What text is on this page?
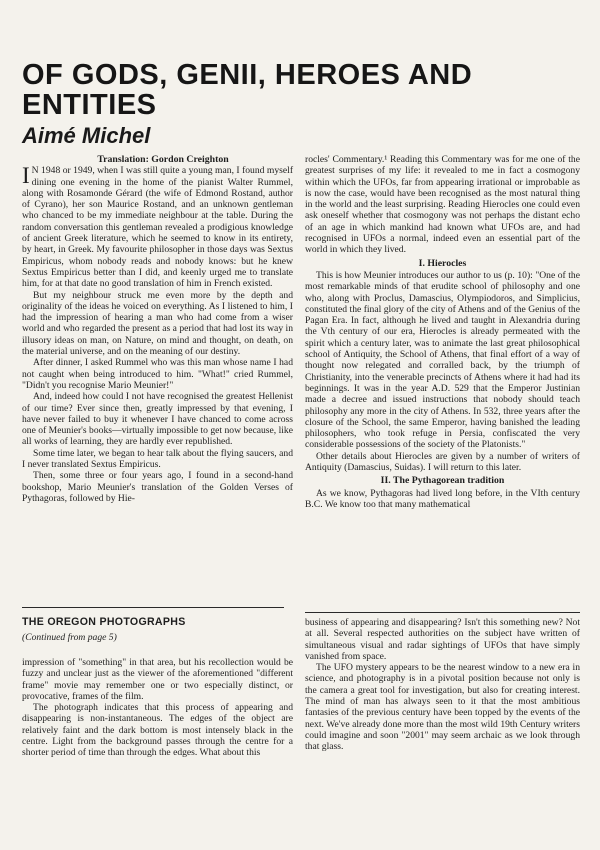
OF GODS, GENII, HEROES AND ENTITIES
Aimé Michel

Translation: Gordon Creighton

I N 1948 or 1949, when I was still quite a young man, I found myself dining one evening in the home of the pianist Walter Rummel, along with Rosamonde Gérard (the wife of Edmond Rostand, author of Cyrano), her son Maurice Rostand, and an unknown gentleman who chanced to be my immediate neighbour at the table. During the random conversation this gentleman revealed a prodigious knowledge of ancient Greek literature, which he seemed to know in its entirety, by heart, in Greek. My favourite philosopher in those days was Sextus Empiricus, whom nobody reads and nobody knows: but he knew Sextus Empiricus better than I did, and keenly urged me to translate him, for at that date no good translation of him in French existed.

But my neighbour struck me even more by the depth and originality of the ideas he voiced on everything. As I listened to him, I had the impression of hearing a man who had come from a wiser world and who regarded the present as a period that had lost its way in illusory ideas on man, on Nature, on mind and thought, on death, on the material universe, and on the meaning of our destiny.

After dinner, I asked Rummel who was this man whose name I had not caught when being introduced to him. "What!" cried Rummel, "Didn't you recognise Mario Meunier!"

And, indeed how could I not have recognised the greatest Hellenist of our time? Ever since then, greatly impressed by that evening, I have never failed to buy it whenever I have chanced to come across one of Meunier's books—virtually impossible to get now because, like all works of learning, they are hardly ever republished.

Some time later, we began to hear talk about the flying saucers, and I never translated Sextus Empiricus.

Then, some three or four years ago, I found in a second-hand bookshop, Mario Meunier's translation of the Golden Verses of Pythagoras, followed by Hie-

rocles' Commentary.¹ Reading this Commentary was for me one of the greatest surprises of my life: it revealed to me in fact a cosmogony within which the UFOs, far from appearing irrational or improbable as is now the case, would have been recognised as the most natural thing in the world and the least surprising. Reading Hierocles one could even ask oneself whether that cosmogony was not perhaps the distant echo of an age in which mankind had known what UFOs are, and had recognised in UFOs a normal, indeed even an essential part of the world in which they lived.

I. Hierocles

This is how Meunier introduces our author to us (p. 10): "One of the most remarkable minds of that erudite school of philosophy and one who, along with Proclus, Damascius, Olympiodoros, and Simplicius, constituted the final glory of the city of Athens and of the Genius of the Pagan Era. In fact, although he lived and taught in Alexandria during the Vth century of our era, Hierocles is already permeated with the spirit which a century later, was to animate the last great philosophical school of Antiquity, the School of Athens, that final effort of a way of thought now relegated and corralled back, by the triumph of Christianity, into the venerable precincts of Athens where it had had its beginnings. It was in the year A.D. 529 that the Emperor Justinian made a decree and issued instructions that nobody should teach philosophy any more in the city of Athens. In 532, three years after the closure of the School, the same Emperor, having banished the leading philosophers, who took refuge in Persia, confiscated the very considerable possessions of the society of the Platonists."

Other details about Hierocles are given by a number of writers of Antiquity (Damascius, Suidas). I will return to this later.

II. The Pythagorean tradition

As we know, Pythagoras had lived long before, in the VIth century B.C. We know too that many mathematical

THE OREGON PHOTOGRAPHS

(Continued from page 5)

impression of "something" in that area, but his recollection would be fuzzy and unclear just as the viewer of the aforementioned "different frame" movie may remember one or two especially distinct, or provocative, frames of the film.

The photograph indicates that this process of appearing and disappearing is non-instantaneous. The edges of the object are relatively faint and the dark bottom is most intensely black in the centre. Light from the background passes through the centre for a shorter period of time than through the edges. What about this

business of appearing and disappearing? Isn't this something new? Not at all. Several respected authorities on the subject have written of simultaneous visual and radar sightings of UFOs that have simply vanished from space.

The UFO mystery appears to be the nearest window to a new era in science, and photography is in a pivotal position because not only is the camera a great tool for investigation, but also for creating interest. The mind of man has always seen to it that the most ambitious fantasies of the previous century have been topped by the events of the next. We've already done more than the most wild 19th Century writers could imagine and soon "2001" may seem archaic as we look through that glass.
